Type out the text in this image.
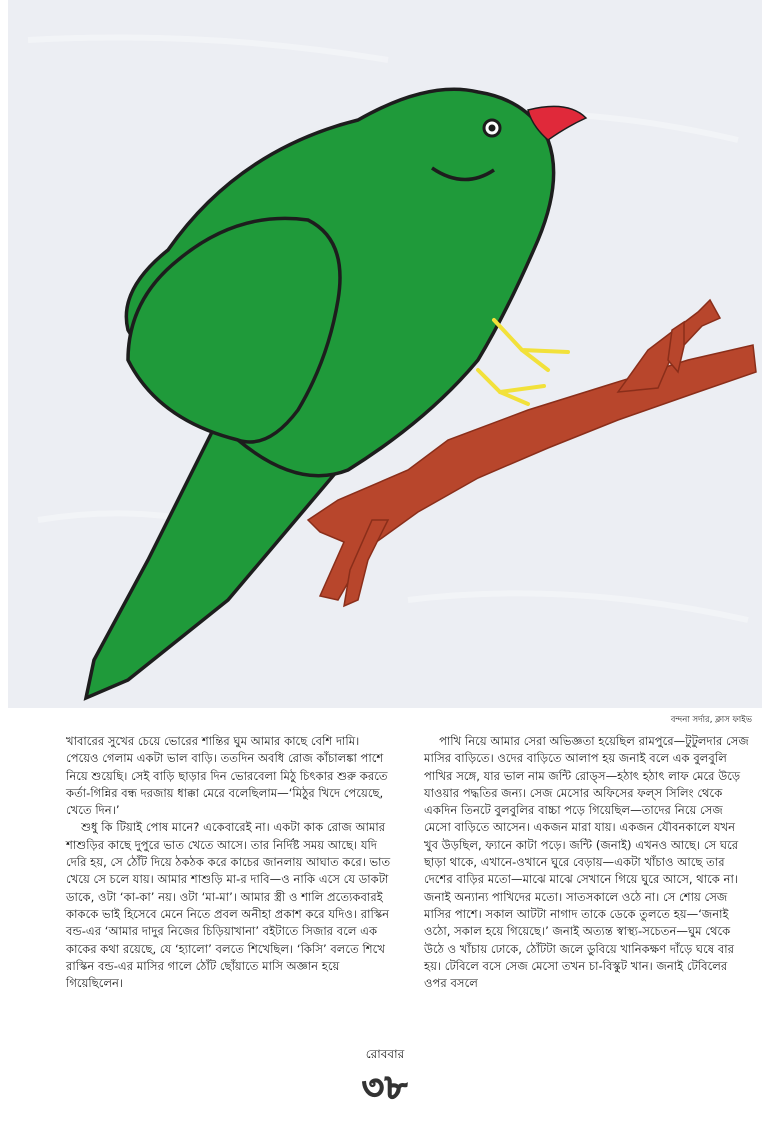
বন্দনা সর্দার, ক্লাস ফাইভ

খাবারের সুখের চেয়ে ভোরের শান্তির ঘুম আমার কাছে বেশি দামি। পেয়েও গেলাম একটা ভাল বাড়ি। ততদিন অবধি রোজ কাঁচালঙ্কা পাশে নিয়ে শুয়েছি। সেই বাড়ি ছাড়ার দিন ভোরবেলা মিঠু চিৎকার শুরু করতে কর্তা-গিন্নির বন্ধ দরজায় ধাক্কা মেরে বলেছিলাম—‘মিঠুর খিদে পেয়েছে, খেতে দিন।’

শুধু কি টিয়াই পোষ মানে? একেবারেই না। একটা কাক রোজ আমার শাশুড়ির কাছে দুপুরে ভাত খেতে আসে। তার নির্দিষ্ট সময় আছে। যদি দেরি হয়, সে ঠোঁট দিয়ে ঠকঠক করে কাচের জানলায় আঘাত করে। ভাত খেয়ে সে চলে যায়। আমার শাশুড়ি মা-র দাবি—ও নাকি এসে যে ডাকটা ডাকে, ওটা ‘কা-কা’ নয়। ওটা ‘মা-মা’। আমার স্ত্রী ও শালি প্রত্যেকবারই কাককে ভাই হিসেবে মেনে নিতে প্রবল অনীহা প্রকাশ করে যদিও। রাস্কিন বন্ড-এর ‘আমার দাদুর নিজের চিড়িয়াখানা’ বইটাতে সিজার বলে এক কাকের কথা রয়েছে, যে ‘হ্যালো’ বলতে শিখেছিল। ‘কিসি’ বলতে শিখে রাস্কিন বন্ড-এর মাসির গালে ঠোঁট ছোঁয়াতে মাসি অজ্ঞান হয়ে গিয়েছিলেন।

পাখি নিয়ে আমার সেরা অভিজ্ঞতা হয়েছিল রামপুরে—টুটুলদার সেজ মাসির বাড়িতে। ওদের বাড়িতে আলাপ হয় জনাই বলে এক বুলবুলি পাখির সঙ্গে, যার ভাল নাম জন্টি রোড্স—হঠাৎ হঠাৎ লাফ মেরে উড়ে যাওয়ার পদ্ধতির জন্য। সেজ মেসোর অফিসের ফল্স সিলিং থেকে একদিন তিনটে বুলবুলির বাচ্চা পড়ে গিয়েছিল—তাদের নিয়ে সেজ মেসো বাড়িতে আসেন। একজন মারা যায়। একজন যৌবনকালে যখন খুব উড়ছিল, ফ্যানে কাটা পড়ে। জন্টি (জনাই) এখনও আছে। সে ঘরে ছাড়া থাকে, এখানে-ওখানে ঘুরে বেড়ায়—একটা খাঁচাও আছে তার দেশের বাড়ির মতো—মাঝে মাঝে সেখানে গিয়ে ঘুরে আসে, থাকে না। জনাই অন্যান্য পাখিদের মতো। সাতসকালে ওঠে না। সে শোয় সেজ মাসির পাশে। সকাল আটটা নাগাদ তাকে ডেকে তুলতে হয়—‘জনাই ওঠো, সকাল হয়ে গিয়েছে।’ জনাই অত্যন্ত স্বাস্থ্য-সচেতন—ঘুম থেকে উঠে ও খাঁচায় ঢোকে, ঠোঁটটা জলে ডুবিয়ে খানিকক্ষণ দাঁড়ে ঘষে বার হয়। টেবিলে বসে সেজ মেসো তখন চা-বিস্কুট খান। জনাই টেবিলের ওপর বসলে

রোববার
৩৮
